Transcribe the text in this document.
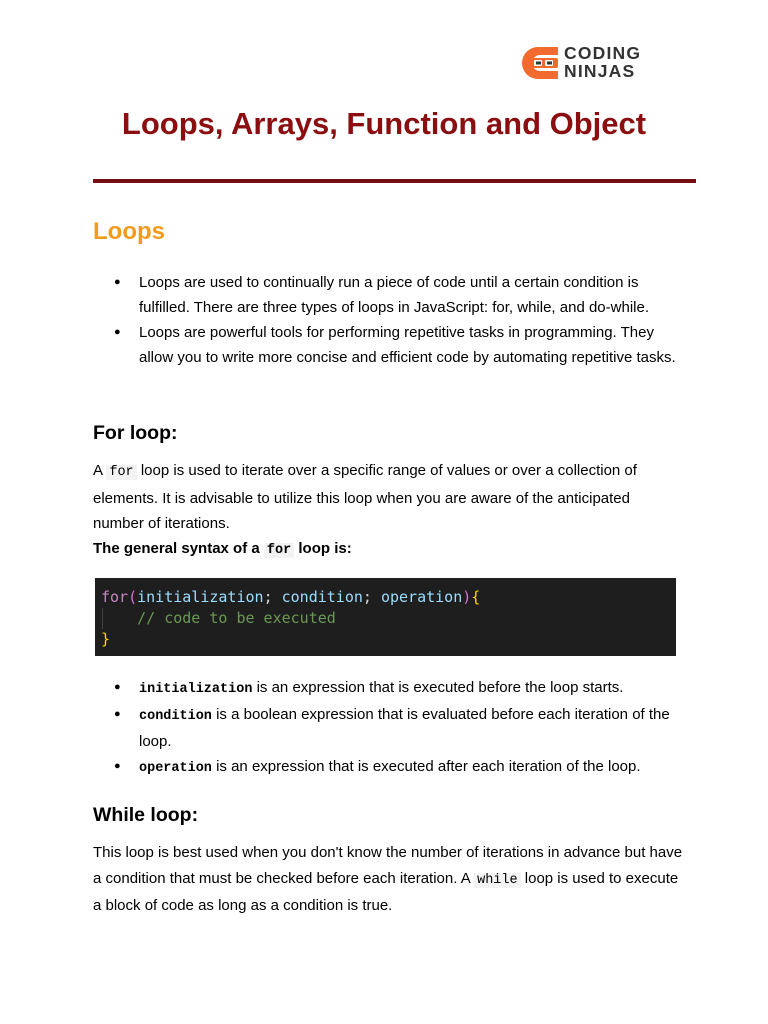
CODING
NINJAS
Loops, Arrays, Function and Object
Loops
● Loops are used to continually run a piece of code until a certain condition is fulfilled. There are three types of loops in JavaScript: for, while, and do-while.
● Loops are powerful tools for performing repetitive tasks in programming. They allow you to write more concise and efficient code by automating repetitive tasks.
For loop:

A for loop is used to iterate over a specific range of values or over a collection of elements. It is advisable to utilize this loop when you are aware of the anticipated number of iterations.

The general syntax of a for loop is:

for(initialization; condition; operation){
// code to be executed
}
● initialization is an expression that is executed before the loop starts.
● condition is a boolean expression that is evaluated before each iteration of the loop.
● operation is an expression that is executed after each iteration of the loop.
While loop:

This loop is best used when you don't know the number of iterations in advance but have a condition that must be checked before each iteration. A while loop is used to execute a block of code as long as a condition is true.
